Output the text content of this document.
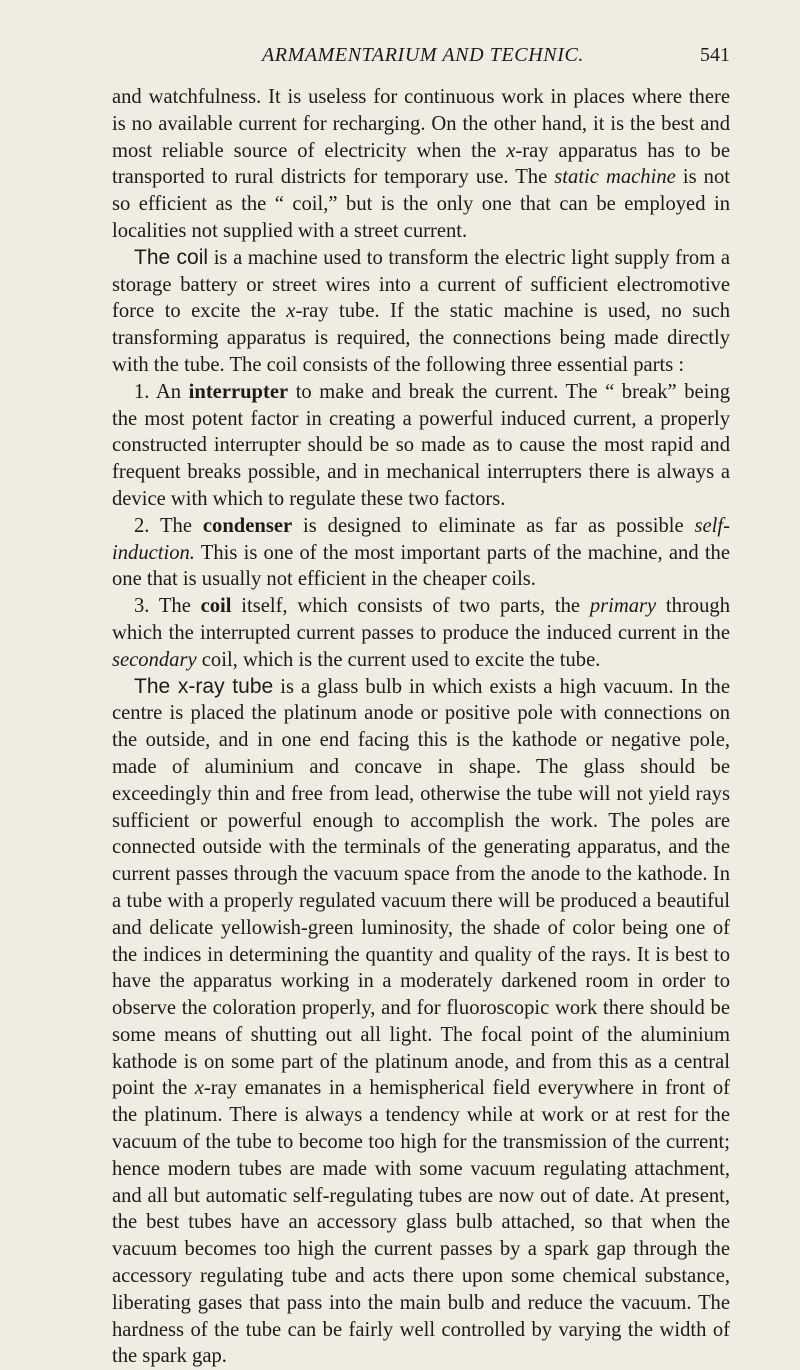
ARMAMENTARIUM AND TECHNIC.	541

and watchfulness. It is useless for continuous work in places where there is no available current for recharging. On the other hand, it is the best and most reliable source of electricity when the x-ray apparatus has to be transported to rural districts for temporary use. The static machine is not so efficient as the “ coil,” but is the only one that can be employed in localities not supplied with a street current.

The coil is a machine used to transform the electric light supply from a storage battery or street wires into a current of sufficient electromotive force to excite the x-ray tube. If the static machine is used, no such transforming apparatus is required, the connections being made directly with the tube. The coil consists of the following three essential parts :

1. An interrupter to make and break the current. The “ break” being the most potent factor in creating a powerful induced current, a properly constructed interrupter should be so made as to cause the most rapid and frequent breaks possible, and in mechanical interrupters there is always a device with which to regulate these two factors.

2. The condenser is designed to eliminate as far as possible self-induction. This is one of the most important parts of the machine, and the one that is usually not efficient in the cheaper coils.

3. The coil itself, which consists of two parts, the primary through which the interrupted current passes to produce the induced current in the secondary coil, which is the current used to excite the tube.

The x-ray tube is a glass bulb in which exists a high vacuum. In the centre is placed the platinum anode or positive pole with connections on the outside, and in one end facing this is the kathode or negative pole, made of aluminium and concave in shape. The glass should be exceedingly thin and free from lead, otherwise the tube will not yield rays sufficient or powerful enough to accomplish the work. The poles are connected outside with the terminals of the generating apparatus, and the current passes through the vacuum space from the anode to the kathode. In a tube with a properly regulated vacuum there will be produced a beautiful and delicate yellowish-green luminosity, the shade of color being one of the indices in determining the quantity and quality of the rays. It is best to have the apparatus working in a moderately darkened room in order to observe the coloration properly, and for fluoroscopic work there should be some means of shutting out all light. The focal point of the aluminium kathode is on some part of the platinum anode, and from this as a central point the x-ray emanates in a hemispherical field everywhere in front of the platinum. There is always a tendency while at work or at rest for the vacuum of the tube to become too high for the transmission of the current; hence modern tubes are made with some vacuum regulating attachment, and all but automatic self-regulating tubes are now out of date. At present, the best tubes have an accessory glass bulb attached, so that when the vacuum becomes too high the current passes by a spark gap through the accessory regulating tube and acts there upon some chemical substance, liberating gases that pass into the main bulb and reduce the vacuum. The hardness of the tube can be fairly well controlled by varying the width of the spark gap.
